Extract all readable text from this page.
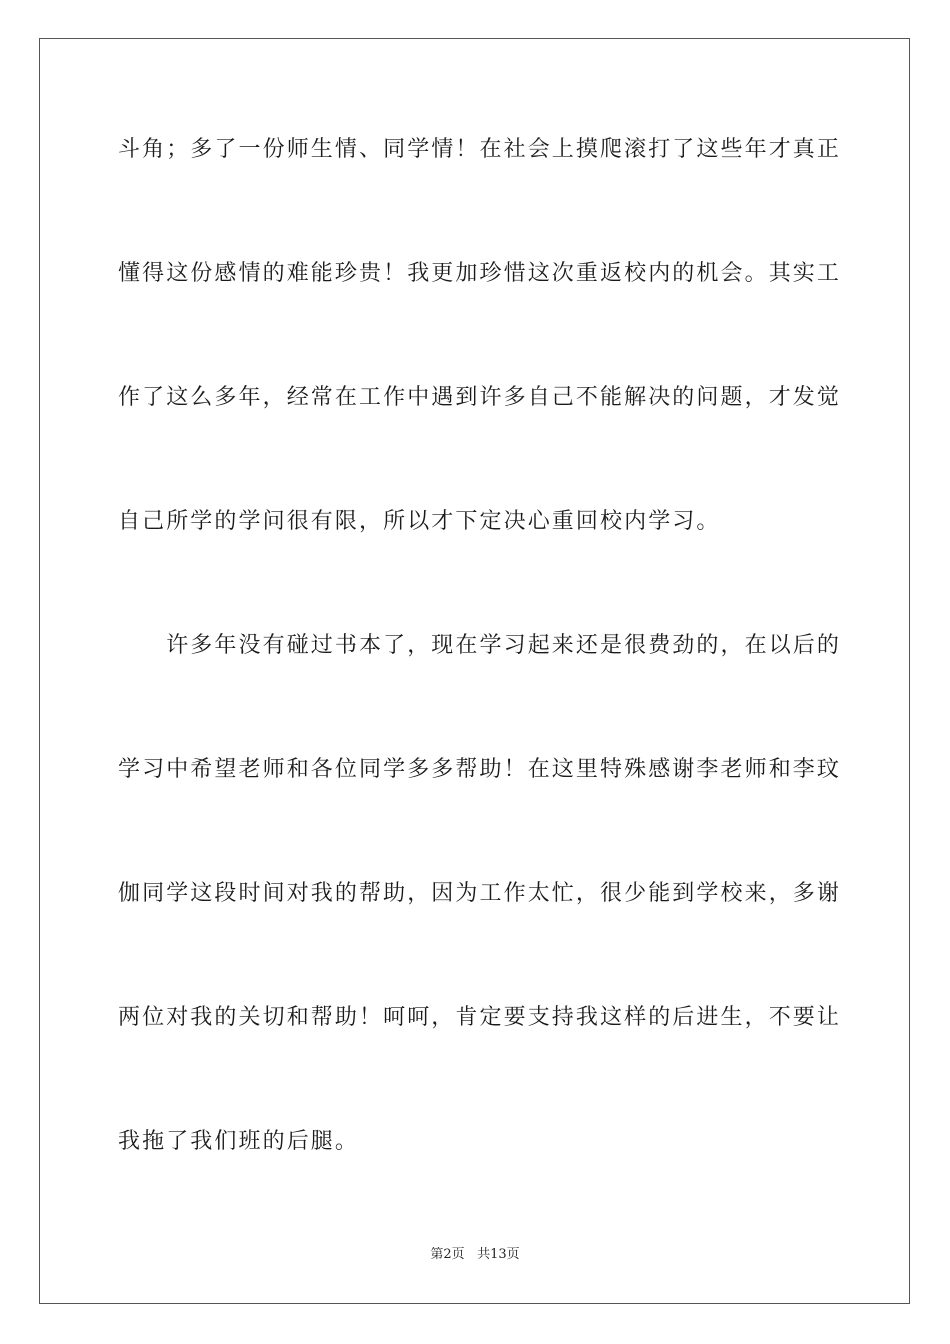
斗角；多了一份师生情、同学情！在社会上摸爬滚打了这些年才真正
懂得这份感情的难能珍贵！我更加珍惜这次重返校内的机会。其实工
作了这么多年，经常在工作中遇到许多自己不能解决的问题，才发觉
自己所学的学问很有限，所以才下定决心重回校内学习。
　　许多年没有碰过书本了，现在学习起来还是很费劲的，在以后的
学习中希望老师和各位同学多多帮助！在这里特殊感谢李老师和李玟
伽同学这段时间对我的帮助，因为工作太忙，很少能到学校来，多谢
两位对我的关切和帮助！呵呵，肯定要支持我这样的后进生，不要让
我拖了我们班的后腿。
第2页 共13页
